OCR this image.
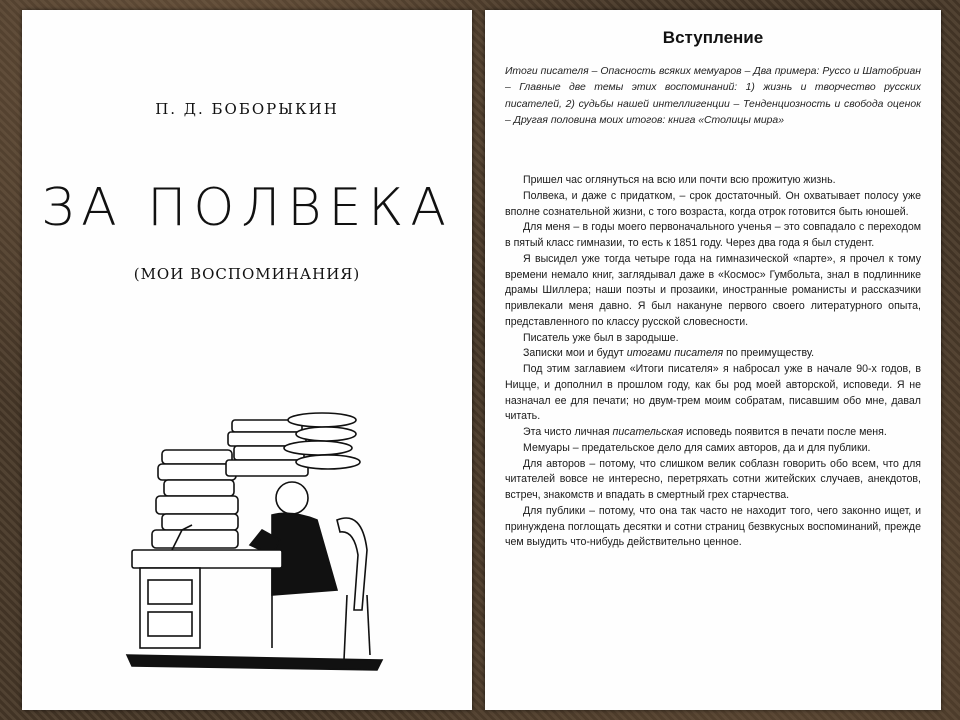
П. Д. БОБОРЫКИН
ЗА ПОЛВЕКА
(МОИ ВОСПОМИНАНИЯ)
Вступление
Итоги писателя – Опасность всяких мемуаров – Два примера: Руссо и Шатобриан – Главные две темы этих воспоминаний: 1) жизнь и творчество русских писателей, 2) судьбы нашей интеллигенции – Тенденциозность и свобода оценок – Другая половина моих итогов: книга «Столицы мира»

Пришел час оглянуться на всю или почти всю прожитую жизнь.

Полвека, и даже с придатком, – срок достаточный. Он охватывает полосу уже вполне сознательной жизни, с того возраста, когда отрок готовится быть юношей.

Для меня – в годы моего первоначального ученья – это совпадало с переходом в пятый класс гимназии, то есть к 1851 году. Через два года я был студент.

Я высидел уже тогда четыре года на гимназической «парте», я прочел к тому времени немало книг, заглядывал даже в «Космос» Гумбольта, знал в подлиннике драмы Шиллера; наши поэты и прозаики, иностранные романисты и рассказчики привлекали меня давно. Я был накануне первого своего литературного опыта, представленного по классу русской словесности.

Писатель уже был в зародыше.

Записки мои и будут итогами писателя по преимуществу.

Под этим заглавием «Итоги писателя» я набросал уже в начале 90-х годов, в Ницце, и дополнил в прошлом году, как бы род моей авторской, исповеди. Я не назначал ее для печати; но двум-трем моим собратам, писавшим обо мне, давал читать.

Эта чисто личная писательская исповедь появится в печати после меня.

Мемуары – предательское дело для самих авторов, да и для публики.

Для авторов – потому, что слишком велик соблазн говорить обо всем, что для читателей вовсе не интересно, перетряхать сотни житейских случаев, анекдотов, встреч, знакомств и впадать в смертный грех старчества.

Для публики – потому, что она так часто не находит того, чего законно ищет, и принуждена поглощать десятки и сотни страниц безвкусных воспоминаний, прежде чем выудить что-нибудь действительно ценное.
